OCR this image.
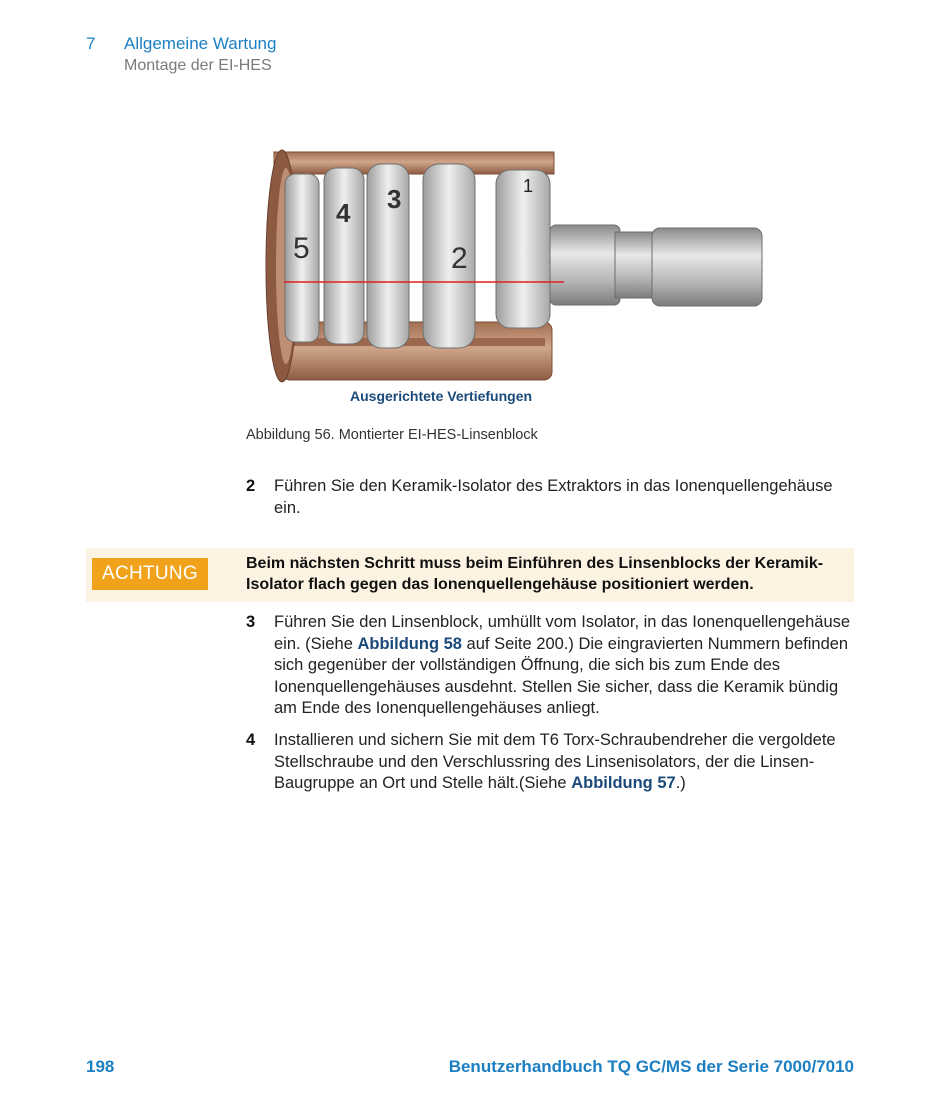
7 Allgemeine Wartung
Montage der EI-HES
5
4 3
2
1
Ausgerichtete Vertiefungen
Abbildung 56. Montierter EI-HES-Linsenblock
2 Führen Sie den Keramik-Isolator des Extraktors in das Ionenquellengehäuse ein.
ACHTUNG	Beim nächsten Schritt muss beim Einführen des Linsenblocks der Keramik-Isolator flach gegen das Ionenquellengehäuse positioniert werden.
3 Führen Sie den Linsenblock, umhüllt vom Isolator, in das Ionenquellengehäuse ein. (Siehe Abbildung 58 auf Seite 200.) Die eingravierten Nummern befinden sich gegenüber der vollständigen Öffnung, die sich bis zum Ende des Ionenquellengehäuses ausdehnt. Stellen Sie sicher, dass die Keramik bündig am Ende des Ionenquellengehäuses anliegt.
4 Installieren und sichern Sie mit dem T6 Torx-Schraubendreher die vergoldete Stellschraube und den Verschlussring des Linsenisolators, der die Linsen-Baugruppe an Ort und Stelle hält.(Siehe Abbildung 57.)
198	Benutzerhandbuch TQ GC/MS der Serie 7000/7010
